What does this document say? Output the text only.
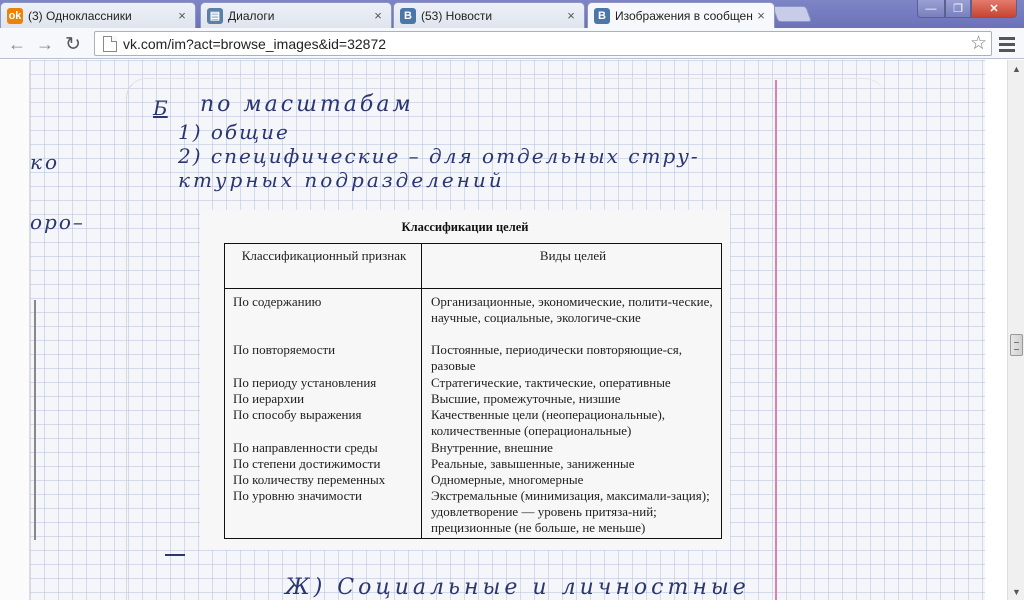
ok (3) Одноклассники	× ▤ Диалоги	×	B (53) Новости	×	B Изображения в сообщен ×	—	❐	✕
← → ↻	vk.com/im?act=browse_images&id=32872	☆
Б по масштабам
1) общие
2) специфические – для отдельных стру-
ктурных подразделений
ко
оро–
Ж) Социальные и личностные
Классификации целей
Классификационный признак	Виды целей
По содержанию	Организационные, экономические, полити-ческие, научные, социальные, экологиче-ские
По повторяемости	Постоянные, периодически повторяющие-ся, разовые
По периоду установления	Стратегические, тактические, оперативные
По иерархии	Высшие, промежуточные, низшие
По способу выражения	Качественные цели (неоперациональные), количественные (операциональные)
По направленности среды	Внутренние, внешние
По степени достижимости	Реальные, завышенные, заниженные
По количеству переменных	Одномерные, многомерные
По уровню значимости	Экстремальные (минимизация, максимали-зация); удовлетворение — уровень притяза-ний; прецизионные (не больше, не меньше)
▲
▼
